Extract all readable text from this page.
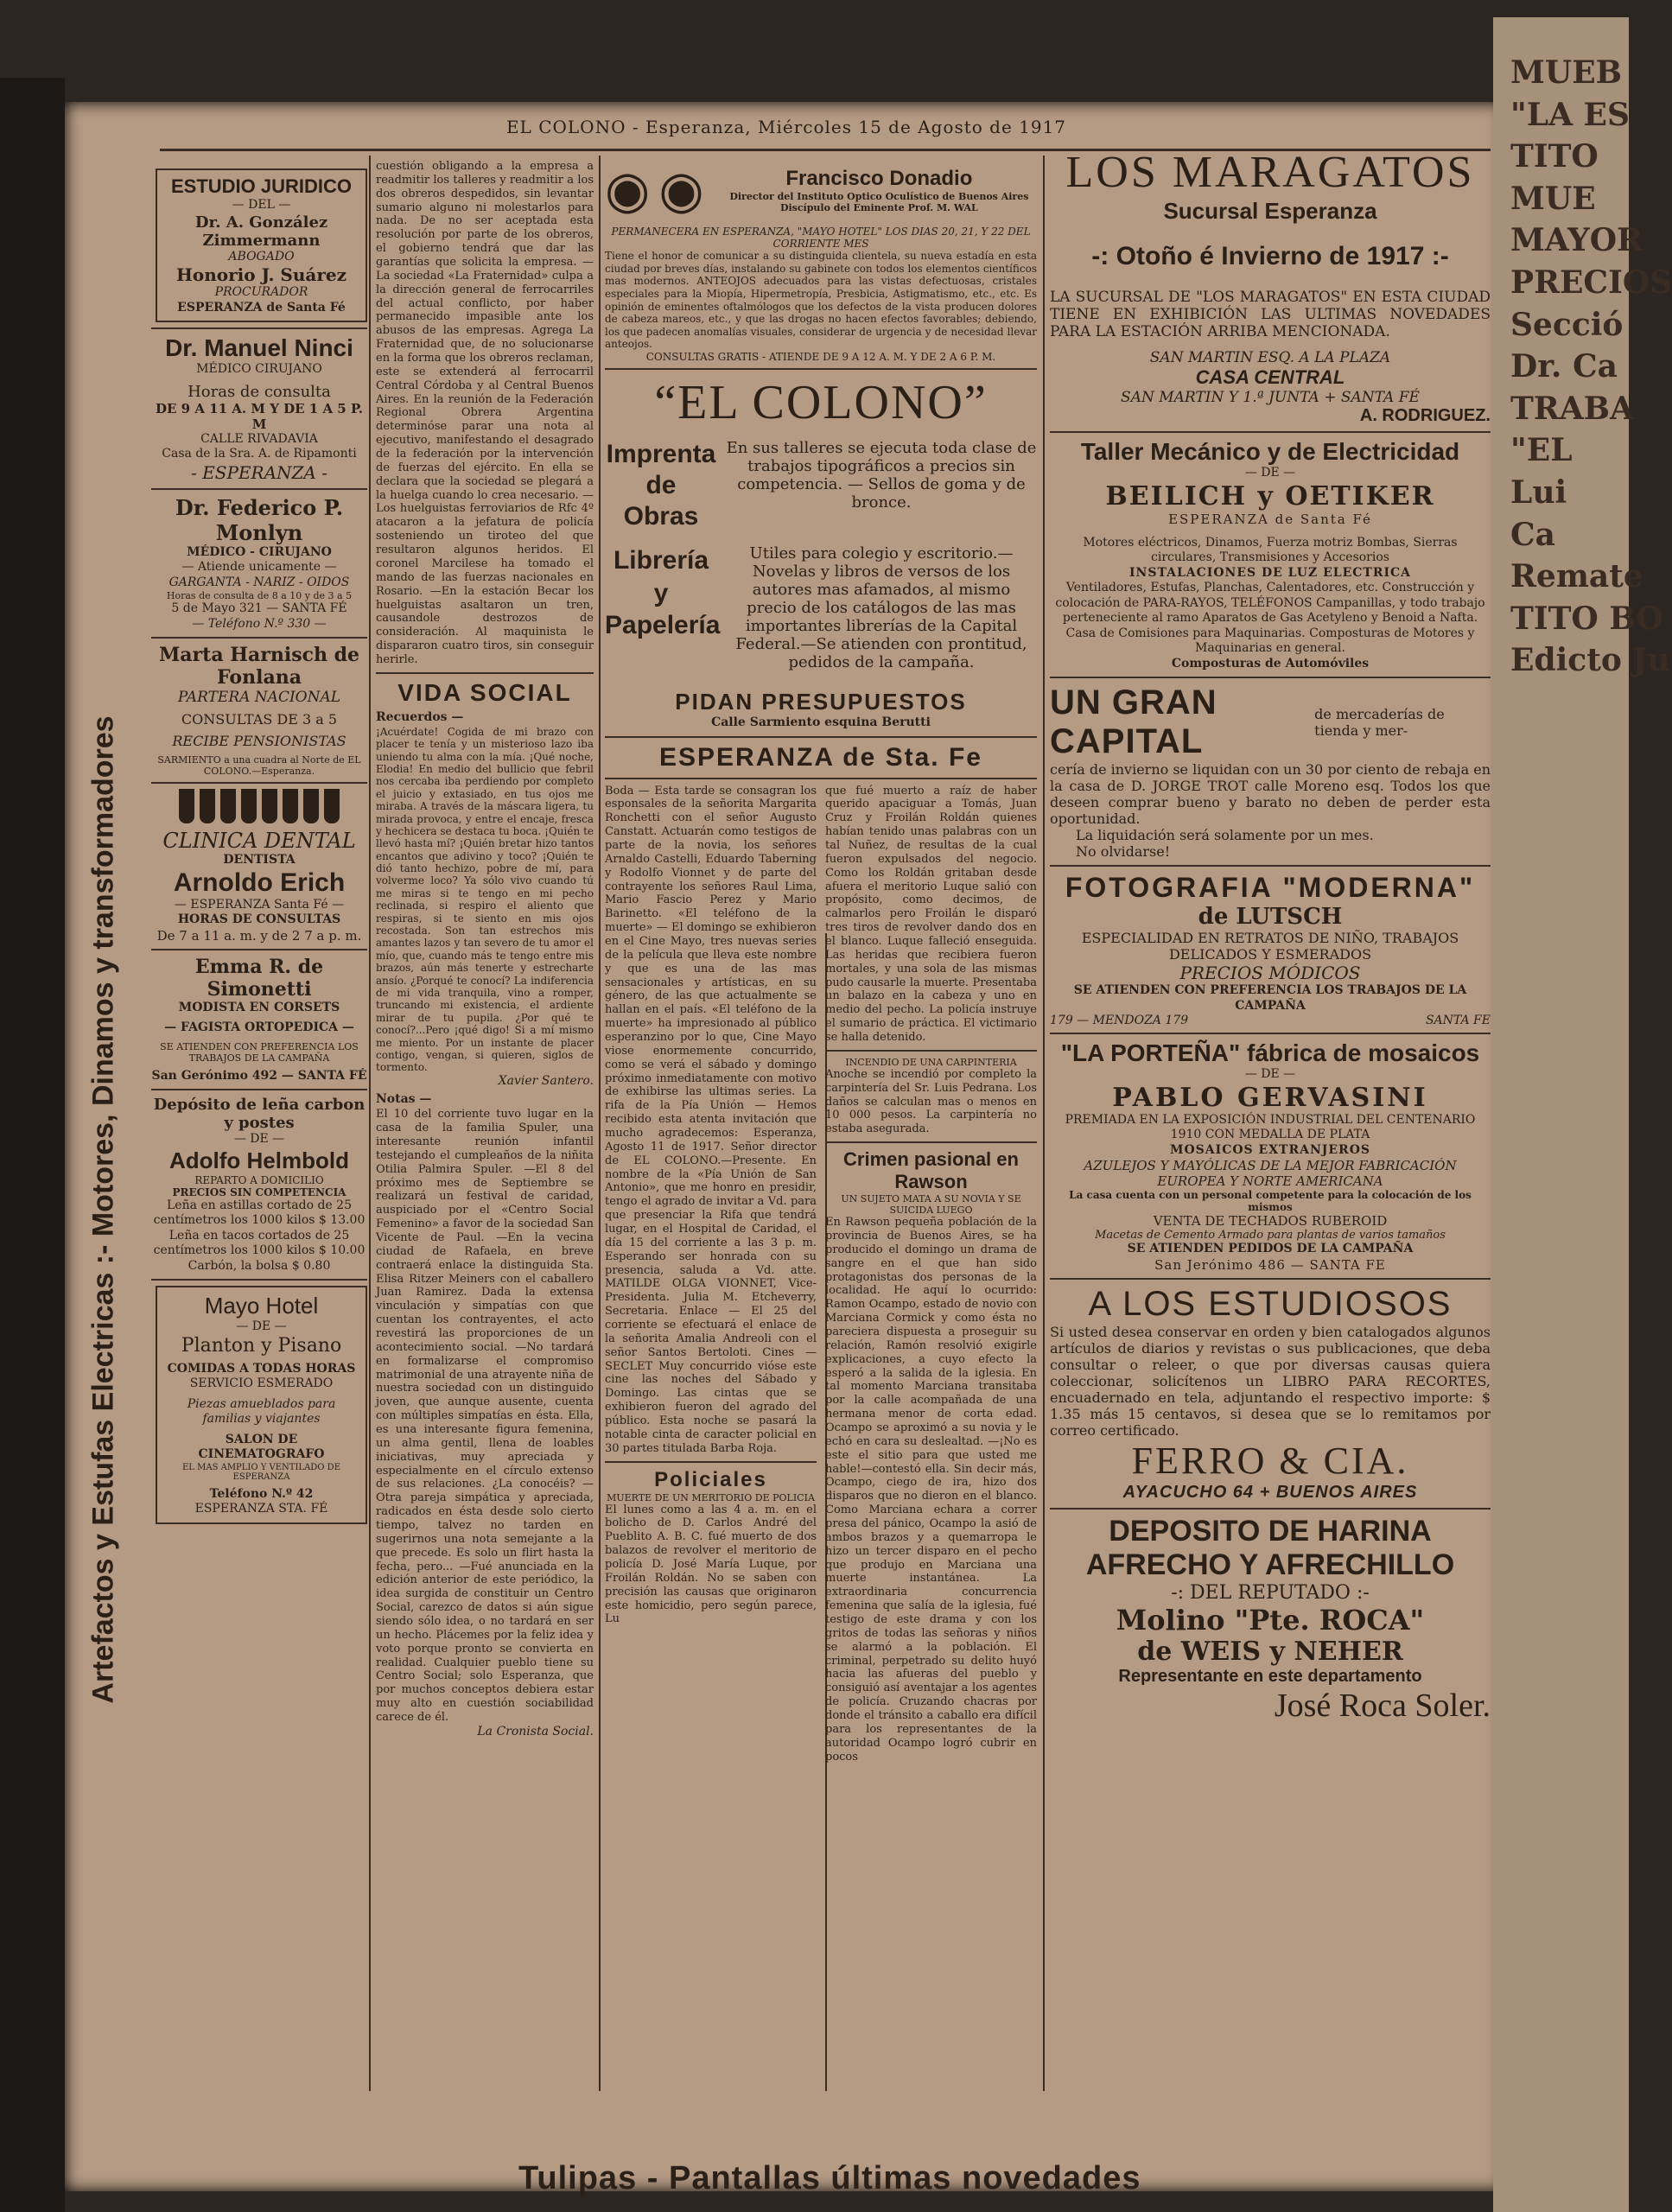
MUEB
"LA ES
TITO
MUE
MAYOR
PRECIOS
Secció
Dr. Ca
TRABA
"EL
Lui
Ca
Remate
TITO BO
Edicto Ju
EL COLONO - Esperanza, Miércoles 15 de Agosto de 1917
Artefactos y Estufas Electricas :- Motores, Dinamos y transformadores
ESTUDIO JURIDICO
— DEL —
Dr. A. González Zimmermann
ABOGADO
Honorio J. Suárez
PROCURADOR
ESPERANZA de Santa Fé
Dr. Manuel Ninci
MÉDICO CIRUJANO
Horas de consulta
DE 9 A 11 A. M Y DE 1 A 5 P. M
CALLE RIVADAVIA
Casa de la Sra. A. de Ripamonti
- ESPERANZA -
Dr. Federico P. Monlyn
MÉDICO - CIRUJANO
— Atiende unicamente —
GARGANTA - NARIZ - OIDOS
Horas de consulta de 8 a 10 y de 3 a 5
5 de Mayo 321 — SANTA FÉ
— Teléfono N.º 330 —
Marta Harnisch de Fonlana
PARTERA NACIONAL
CONSULTAS DE 3 a 5
RECIBE PENSIONISTAS
SARMIENTO a una cuadra al Norte de EL COLONO.—Esperanza.
CLINICA DENTAL
DENTISTA
Arnoldo Erich
— ESPERANZA Santa Fé —
HORAS DE CONSULTAS
De 7 a 11 a. m. y de 2 7 a p. m.
Emma R. de Simonetti
MODISTA EN CORSETS
— FAGISTA ORTOPEDICA —
SE ATIENDEN CON PREFERENCIA LOS TRABAJOS DE LA CAMPAÑA
San Gerónimo 492 — SANTA FÉ
Depósito de leña carbon y postes
— DE —
Adolfo Helmbold
REPARTO A DOMICILIO
PRECIOS SIN COMPETENCIA
Leña en astillas cortado de 25 centímetros los 1000 kilos $ 13.00
Leña en tacos cortados de 25 centímetros los 1000 kilos $ 10.00
Carbón, la bolsa $ 0.80
Mayo Hotel
— DE —
Planton y Pisano
COMIDAS A TODAS HORAS
SERVICIO ESMERADO
Piezas amueblados para familias y viajantes
SALON DE CINEMATOGRAFO
EL MAS AMPLIO Y VENTILADO DE ESPERANZA
Teléfono N.º 42
ESPERANZA STA. FÉ

cuestión obligando a la empresa a readmitir los talleres y readmitir a los dos obreros despedidos, sin levantar sumario alguno ni molestarlos para nada. De no ser aceptada esta resolución por parte de los obreros, el gobierno tendrá que dar las garantías que solicita la empresa. —La sociedad «La Fraternidad» culpa a la dirección general de ferrocarriles del actual conflicto, por haber permanecido impasible ante los abusos de las empresas. Agrega La Fraternidad que, de no solucionarse en la forma que los obreros reclaman, este se extenderá al ferrocarril Central Córdoba y al Central Buenos Aires. En la reunión de la Federación Regional Obrera Argentina determinóse parar una nota al ejecutivo, manifestando el desagrado de la federación por la intervención de fuerzas del ejército. En ella se declara que la sociedad se plegará a la huelga cuando lo crea necesario. —Los huelguistas ferroviarios de Rfc 4º atacaron a la jefatura de policía sosteniendo un tiroteo del que resultaron algunos heridos. El coronel Marcilese ha tomado el mando de las fuerzas nacionales en Rosario. —En la estación Becar los huelguistas asaltaron un tren, causandole destrozos de consideración. Al maquinista le dispararon cuatro tiros, sin conseguir herirle.

VIDA SOCIAL
Recuerdos —

¡Acuérdate! Cogida de mi brazo con placer te tenía y un misterioso lazo iba uniendo tu alma con la mía. ¡Qué noche, Elodia! En medio del bullicio que febril nos cercaba iba perdiendo por completo el juicio y extasiado, en tus ojos me miraba. A través de la máscara ligera, tu mirada provoca, y entre el encaje, fresca y hechicera se destaca tu boca. ¡Quién te llevó hasta mí? ¡Quién bretar hizo tantos encantos que adivino y toco? ¡Quién te dió tanto hechizo, pobre de mí, para volverme loco? Ya sólo vivo cuando tú me miras si te tengo en mi pecho reclinada, si respiro el aliento que respiras, si te siento en mis ojos recostada. Son tan estrechos mis amantes lazos y tan severo de tu amor el mío, que, cuando más te tengo entre mis brazos, aún más tenerte y estrecharte ansío. ¿Porqué te conocí? La indiferencia de mi vida tranquila, vino a romper, truncando mi existencia, el ardiente mirar de tu pupila. ¿Por qué te conocí?...Pero ¡qué digo! Si a mí mismo me miento. Por un instante de placer contigo, vengan, si quieren, siglos de tormento.

Xavier Santero.
Notas —

El 10 del corriente tuvo lugar en la casa de la familia Spuler, una interesante reunión infantil testejando el cumpleaños de la niñita Otilia Palmira Spuler. —El 8 del próximo mes de Septiembre se realizará un festival de caridad, auspiciado por el «Centro Social Femenino» a favor de la sociedad San Vicente de Paul. —En la vecina ciudad de Rafaela, en breve contraerá enlace la distinguida Sta. Elisa Ritzer Meiners con el caballero Juan Ramirez. Dada la extensa vinculación y simpatías con que cuentan los contrayentes, el acto revestirá las proporciones de un acontecimiento social. —No tardará en formalizarse el compromiso matrimonial de una atrayente niña de nuestra sociedad con un distinguido joven, que aunque ausente, cuenta con múltiples simpatías en ésta. Ella, es una interesante figura femenina, un alma gentil, llena de loables iniciativas, muy apreciada y especialmente en el círculo extenso de sus relaciones. ¿La conocéis? —Otra pareja simpática y apreciada, radicados en ésta desde solo cierto tiempo, talvez no tarden en sugerirnos una nota semejante a la que precede. Es solo un flirt hasta la fecha, pero... —Fué anunciada en la edición anterior de este periódico, la idea surgida de constituir un Centro Social, carezco de datos si aún sigue siendo sólo idea, o no tardará en ser un hecho. Plácemes por la feliz idea y voto porque pronto se convierta en realidad. Cualquier pueblo tiene su Centro Social; solo Esperanza, que por muchos conceptos debiera estar muy alto en cuestión sociabilidad carece de él.

La Cronista Social.
◉◉	Francisco Donadio
Director del Instituto Optico Oculístico de Buenos Aires
Discípulo del Eminente Prof. M. WAL
PERMANECERA EN ESPERANZA, "MAYO HOTEL" LOS DIAS 20, 21, Y 22 DEL CORRIENTE MES

Tiene el honor de comunicar a su distinguida clientela, su nueva estadía en esta ciudad por breves días, instalando su gabinete con todos los elementos científicos mas modernos. ANTEOJOS adecuados para las vistas defectuosas, cristales especiales para la Miopía, Hipermetropía, Presbicia, Astigmatismo, etc., etc. Es opinión de eminentes oftalmólogos que los defectos de la vista producen dolores de cabeza mareos, etc., y que las drogas no hacen efectos favorables; debiendo, los que padecen anomalías visuales, considerar de urgencia y de necesidad llevar anteojos.

CONSULTAS GRATIS - ATIENDE DE 9 A 12 A. M. Y DE 2 A 6 P. M.
“EL COLONO”
Imprenta de Obras
En sus talleres se ejecuta toda clase de trabajos tipográficos a precios sin competencia. — Sellos de goma y de bronce.
Librería y Papelería
Utiles para colegio y escritorio.—Novelas y libros de versos de los autores mas afamados, al mismo precio de los catálogos de las mas importantes librerías de la Capital Federal.—Se atienden con prontitud, pedidos de la campaña.
PIDAN PRESUPUESTOS
Calle Sarmiento esquina Berutti
ESPERANZA de Sta. Fe

Boda — Esta tarde se consagran los esponsales de la señorita Margarita Ronchetti con el señor Augusto Canstatt. Actuarán como testigos de parte de la novia, los señores Arnaldo Castelli, Eduardo Taberning y Rodolfo Vionnet y de parte del contrayente los señores Raul Lima, Mario Fascio Perez y Mario Barinetto. «El teléfono de la muerte» — El domingo se exhibieron en el Cine Mayo, tres nuevas series de la película que lleva este nombre y que es una de las mas sensacionales y artísticas, en su género, de las que actualmente se hallan en el país. «El teléfono de la muerte» ha impresionado al público esperanzino por lo que, Cine Mayo viose enormemente concurrido, como se verá el sábado y domingo próximo inmediatamente con motivo de exhibirse las ultimas series. La rifa de la Pía Unión — Hemos recibido esta atenta invitación que mucho agradecemos: Esperanza, Agosto 11 de 1917. Señor director de EL COLONO.—Presente. En nombre de la «Pía Unión de San Antonio», que me honro en presidir, tengo el agrado de invitar a Vd. para que presenciar la Rifa que tendrá lugar, en el Hospital de Caridad, el día 15 del corriente a las 3 p. m. Esperando ser honrada con su presencia, saluda a Vd. atte. MATILDE OLGA VIONNET, Vice-Presidenta. Julia M. Etcheverry, Secretaria. Enlace — El 25 del corriente se efectuará el enlace de la señorita Amalia Andreoli con el señor Santos Bertoloti. Cines — SECLET Muy concurrido vióse este cine las noches del Sábado y Domingo. Las cintas que se exhibieron fueron del agrado del público. Esta noche se pasará la notable cinta de caracter policial en 30 partes titulada Barba Roja.

Policiales
MUERTE DE UN MERITORIO DE POLICIA

El lunes como a las 4 a. m. en el bolicho de D. Carlos André del Pueblito A. B. C. fué muerto de dos balazos de revolver el meritorio de policía D. José María Luque, por Froilán Roldán. No se saben con precisión las causas que originaron este homicidio, pero según parece, Lu

que fué muerto a raíz de haber querido apaciguar a Tomás, Juan Cruz y Froilán Roldán quienes habían tenido unas palabras con un tal Nuñez, de resultas de la cual fueron expulsados del negocio. Como los Roldán gritaban desde afuera el meritorio Luque salió con propósito, como decimos, de calmarlos pero Froilán le disparó tres tiros de revolver dando dos en el blanco. Luque falleció enseguida. Las heridas que recibiera fueron mortales, y una sola de las mismas pudo causarle la muerte. Presentaba un balazo en la cabeza y uno en medio del pecho. La policía instruye el sumario de práctica. El victimario se halla detenido.

INCENDIO DE UNA CARPINTERIA

Anoche se incendió por completo la carpintería del Sr. Luis Pedrana. Los daños se calculan mas o menos en 10 000 pesos. La carpintería no estaba asegurada.

Crimen pasional en Rawson
UN SUJETO MATA A SU NOVIA Y SE SUICIDA LUEGO

En Rawson pequeña población de la provincia de Buenos Aires, se ha producido el domingo un drama de sangre en el que han sido protagonistas dos personas de la localidad. He aquí lo ocurrido: Ramon Ocampo, estado de novio con Marciana Cormick y como ésta no pareciera dispuesta a proseguir su relación, Ramón resolvió exigirle explicaciones, a cuyo efecto la esperó a la salida de la iglesia. En tal momento Marciana transitaba por la calle acompañada de una hermana menor de corta edad. Ocampo se aproximó a su novia y le echó en cara su deslealtad. —¡No es este el sitio para que usted me hable!—contestó ella. Sin decir más, Ocampo, ciego de ira, hizo dos disparos que no dieron en el blanco. Como Marciana echara a correr presa del pánico, Ocampo la asió de ambos brazos y a quemarropa le hizo un tercer disparo en el pecho que produjo en Marciana una muerte instantánea. La extraordinaria concurrencia femenina que salía de la iglesia, fué testigo de este drama y con los gritos de todas las señoras y niños se alarmó a la población. El criminal, perpetrado su delito huyó hacia las afueras del pueblo y consiguió así aventajar a los agentes de policía. Cruzando chacras por donde el tránsito a caballo era difícil para los representantes de la autoridad Ocampo logró cubrir en pocos

LOS MARAGATOS
Sucursal Esperanza
-: Otoño é Invierno de 1917 :-
LA SUCURSAL DE "LOS MARAGATOS" EN ESTA CIUDAD TIENE EN EXHIBICIÓN LAS ULTIMAS NOVEDADES PARA LA ESTACIÓN ARRIBA MENCIONADA.
SAN MARTIN ESQ. A LA PLAZA
CASA CENTRAL
SAN MARTIN Y 1.ª JUNTA + SANTA FÉ
A. RODRIGUEZ.
Taller Mecánico y de Electricidad
— DE —
BEILICH y OETIKER
ESPERANZA de Santa Fé
Motores eléctricos, Dinamos, Fuerza motriz Bombas, Sierras circulares, Transmisiones y Accesorios
INSTALACIONES DE LUZ ELECTRICA
Ventiladores, Estufas, Planchas, Calentadores, etc. Construcción y colocación de PARA-RAYOS, TELÉFONOS Campanillas, y todo trabajo perteneciente al ramo Aparatos de Gas Acetyleno y Benoid a Nafta. Casa de Comisiones para Maquinarias. Composturas de Motores y Maquinarias en general.
Composturas de Automóviles
UN GRAN CAPITAL
de mercaderías de tienda y mer-
cería de invierno se liquidan con un 30 por ciento de rebaja en la casa de D. JORGE TROT calle Moreno esq. Todos los que deseen comprar bueno y barato no deben de perder esta oportunidad.
La liquidación será solamente por un mes.
No olvidarse!
FOTOGRAFIA "MODERNA"
de LUTSCH
ESPECIALIDAD EN RETRATOS DE NIÑO, TRABAJOS DELICADOS Y ESMERADOS
PRECIOS MÓDICOS
SE ATIENDEN CON PREFERENCIA LOS TRABAJOS DE LA CAMPAÑA
179 — MENDOZA 179	SANTA FE
"LA PORTEÑA" fábrica de mosaicos
— DE —
PABLO GERVASINI
PREMIADA EN LA EXPOSICIÓN INDUSTRIAL DEL CENTENARIO 1910 CON MEDALLA DE PLATA
MOSAICOS EXTRANJEROS
AZULEJOS Y MAYÓLICAS DE LA MEJOR FABRICACIÓN EUROPEA Y NORTE AMERICANA
La casa cuenta con un personal competente para la colocación de los mismos
VENTA DE TECHADOS RUBEROID
Macetas de Cemento Armado para plantas de varios tamaños
SE ATIENDEN PEDIDOS DE LA CAMPAÑA
San Jerónimo 486 — SANTA FE
A LOS ESTUDIOSOS
Si usted desea conservar en orden y bien catalogados algunos artículos de diarios y revistas o sus publicaciones, que deba consultar o releer, o que por diversas causas quiera coleccionar, solicítenos un LIBRO PARA RECORTES, encuadernado en tela, adjuntando el respectivo importe: $ 1.35 más 15 centavos, si desea que se lo remitamos por correo certificado.
FERRO & CIA.
AYACUCHO 64 + BUENOS AIRES
DEPOSITO DE HARINA
AFRECHO Y AFRECHILLO
-: DEL REPUTADO :-
Molino "Pte. ROCA"
de WEIS y NEHER
Representante en este departamento
José Roca Soler.
Tulipas - Pantallas últimas novedades
